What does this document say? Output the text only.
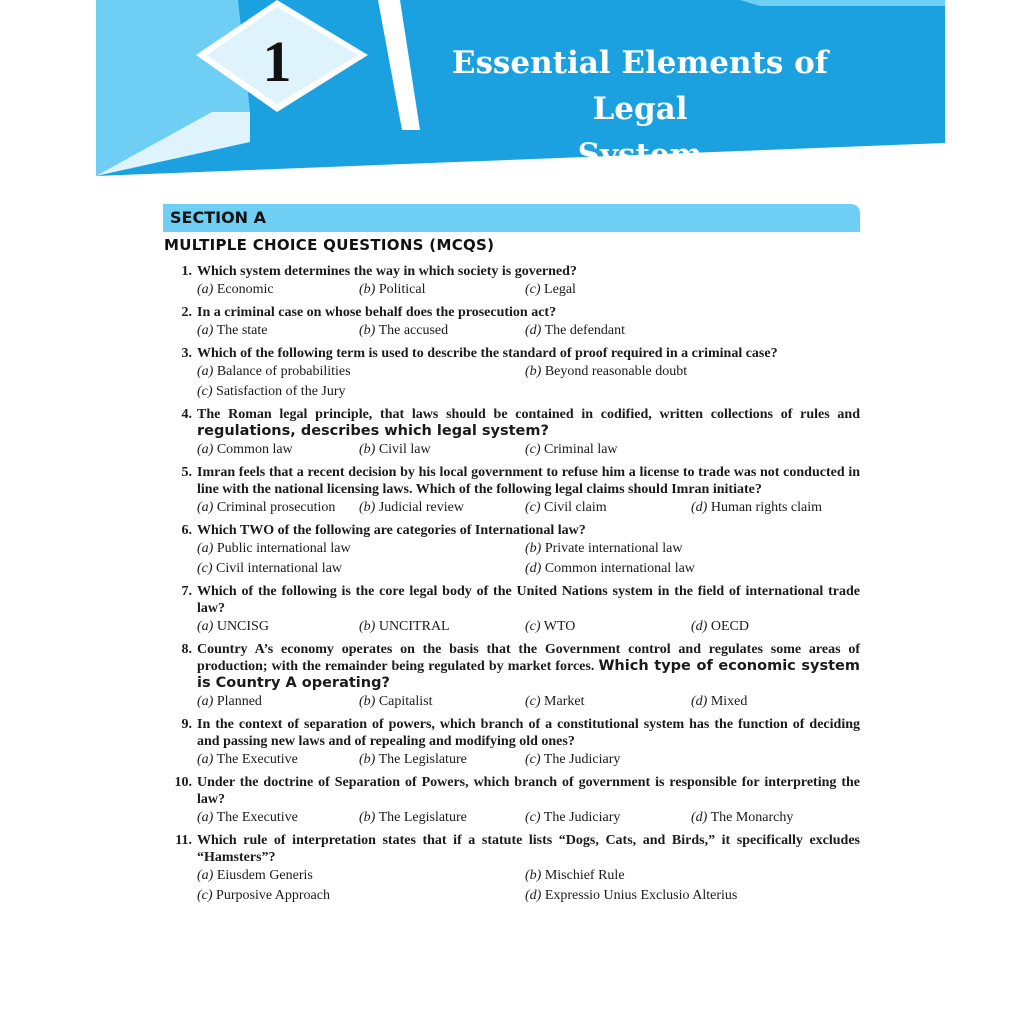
1	Essential Elements of Legal
System
SECTION A
MULTIPLE CHOICE QUESTIONS (MCQS)
1. Which system determines the way in which society is governed?
(a) Economic	(b) Political	(c) Legal
2. In a criminal case on whose behalf does the prosecution act?
(a) The state	(b) The accused	(d) The defendant
3. Which of the following term is used to describe the standard of proof required in a criminal case?
(a) Balance of probabilities	(b) Beyond reasonable doubt
(c) Satisfaction of the Jury
4. The Roman legal principle, that laws should be contained in codified, written collections of rules and regulations, describes which legal system?
(a) Common law	(b) Civil law	(c) Criminal law
5. Imran feels that a recent decision by his local government to refuse him a license to trade was not conducted in line with the national licensing laws. Which of the following legal claims should Imran initiate?
(a) Criminal prosecution (b) Judicial review	(c) Civil claim	(d) Human rights claim
6. Which TWO of the following are categories of International law?
(a) Public international law	(b) Private international law
(c) Civil international law	(d) Common international law
7. Which of the following is the core legal body of the United Nations system in the field of international trade law?
(a) UNCISG	(b) UNCITRAL	(c) WTO	(d) OECD
8. Country A’s economy operates on the basis that the Government control and regulates some areas of production; with the remainder being regulated by market forces. Which type of economic system is Country A operating?
(a) Planned	(b) Capitalist	(c) Market	(d) Mixed
9. In the context of separation of powers, which branch of a constitutional system has the function of deciding and passing new laws and of repealing and modifying old ones?
(a) The Executive	(b) The Legislature	(c) The Judiciary
10. Under the doctrine of Separation of Powers, which branch of government is responsible for interpreting the law?
(a) The Executive	(b) The Legislature	(c) The Judiciary	(d) The Monarchy
11. Which rule of interpretation states that if a statute lists “Dogs, Cats, and Birds,” it specifically excludes “Hamsters”?
(a) Eiusdem Generis	(b) Mischief Rule
(c) Purposive Approach	(d) Expressio Unius Exclusio Alterius
